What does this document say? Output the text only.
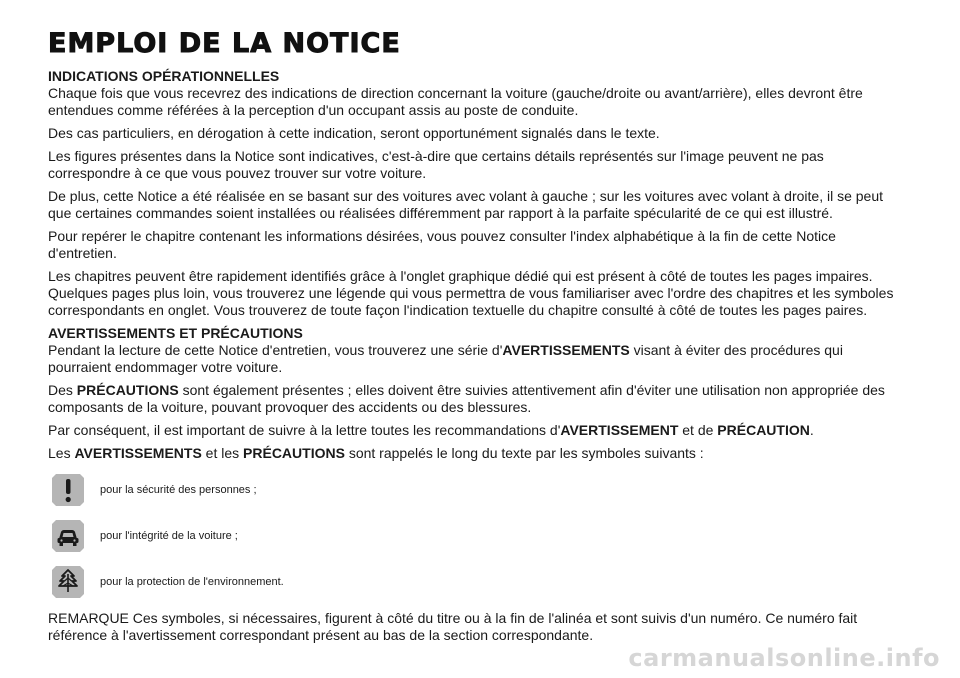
EMPLOI DE LA NOTICE
INDICATIONS OPÉRATIONNELLES

Chaque fois que vous recevrez des indications de direction concernant la voiture (gauche/droite ou avant/arrière), elles devront être entendues comme référées à la perception d'un occupant assis au poste de conduite.

Des cas particuliers, en dérogation à cette indication, seront opportunément signalés dans le texte.

Les figures présentes dans la Notice sont indicatives, c'est-à-dire que certains détails représentés sur l'image peuvent ne pas correspondre à ce que vous pouvez trouver sur votre voiture.

De plus, cette Notice a été réalisée en se basant sur des voitures avec volant à gauche ; sur les voitures avec volant à droite, il se peut que certaines commandes soient installées ou réalisées différemment par rapport à la parfaite spécularité de ce qui est illustré.

Pour repérer le chapitre contenant les informations désirées, vous pouvez consulter l'index alphabétique à la fin de cette Notice d'entretien.

Les chapitres peuvent être rapidement identifiés grâce à l'onglet graphique dédié qui est présent à côté de toutes les pages impaires. Quelques pages plus loin, vous trouverez une légende qui vous permettra de vous familiariser avec l'ordre des chapitres et les symboles correspondants en onglet. Vous trouverez de toute façon l'indication textuelle du chapitre consulté à côté de toutes les pages paires.

AVERTISSEMENTS ET PRÉCAUTIONS

Pendant la lecture de cette Notice d'entretien, vous trouverez une série d'AVERTISSEMENTS visant à éviter des procédures qui pourraient endommager votre voiture.

Des PRÉCAUTIONS sont également présentes ; elles doivent être suivies attentivement afin d'éviter une utilisation non appropriée des composants de la voiture, pouvant provoquer des accidents ou des blessures.

Par conséquent, il est important de suivre à la lettre toutes les recommandations d'AVERTISSEMENT et de PRÉCAUTION.

Les AVERTISSEMENTS et les PRÉCAUTIONS sont rappelés le long du texte par les symboles suivants :

pour la sécurité des personnes ;
pour l'intégrité de la voiture ;
pour la protection de l'environnement.

REMARQUE Ces symboles, si nécessaires, figurent à côté du titre ou à la fin de l'alinéa et sont suivis d'un numéro. Ce numéro fait référence à l'avertissement correspondant présent au bas de la section correspondante.

carmanualsonline.info
